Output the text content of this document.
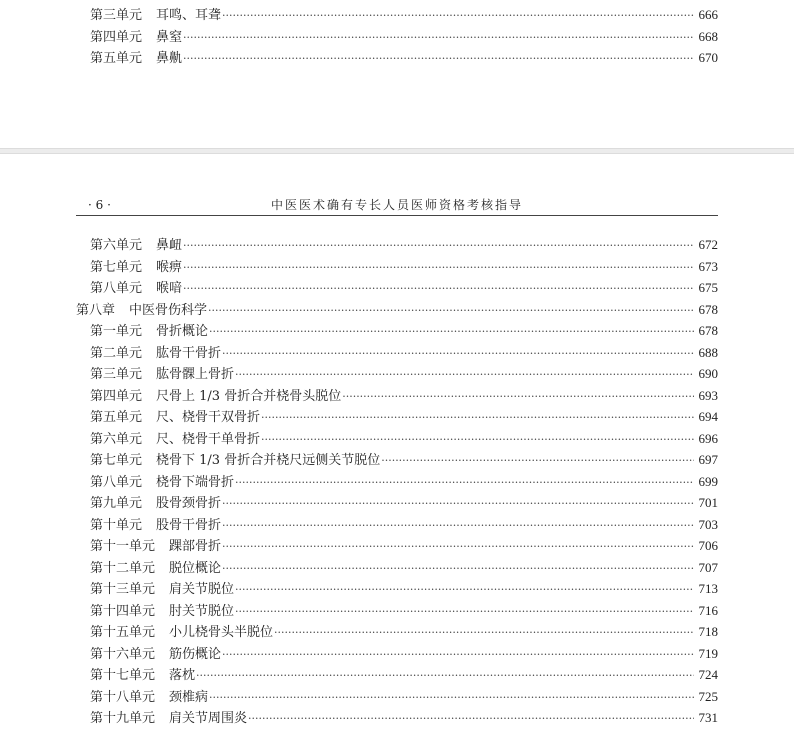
第三单元 耳鸣、耳聋 ·····	666
第四单元 鼻窒 ·····	668
第五单元 鼻鼽 ·····	670
· 6 ·	中医医术确有专长人员医师资格考核指导
第六单元 鼻衄 ·····	672
第七单元 喉痹 ·····	673
第八单元 喉喑 ·····	675
第八章 中医骨伤科学 ·····	678
第一单元 骨折概论 ·····	678
第二单元 肱骨干骨折 ·····	688
第三单元 肱骨髁上骨折 ·····	690
第四单元 尺骨上 1/3 骨折合并桡骨头脱位 ·····	693
第五单元 尺、桡骨干双骨折 ·····	694
第六单元 尺、桡骨干单骨折 ·····	696
第七单元 桡骨下 1/3 骨折合并桡尺远侧关节脱位 ·····	697
第八单元 桡骨下端骨折 ·····	699
第九单元 股骨颈骨折 ·····	701
第十单元 股骨干骨折 ·····	703
第十一单元 踝部骨折 ·····	706
第十二单元 脱位概论 ·····	707
第十三单元 肩关节脱位 ·····	713
第十四单元 肘关节脱位 ·····	716
第十五单元 小儿桡骨头半脱位 ·····	718
第十六单元 筋伤概论 ·····	719
第十七单元 落枕 ·····	724
第十八单元 颈椎病 ·····	725
第十九单元 肩关节周围炎 ·····	731
